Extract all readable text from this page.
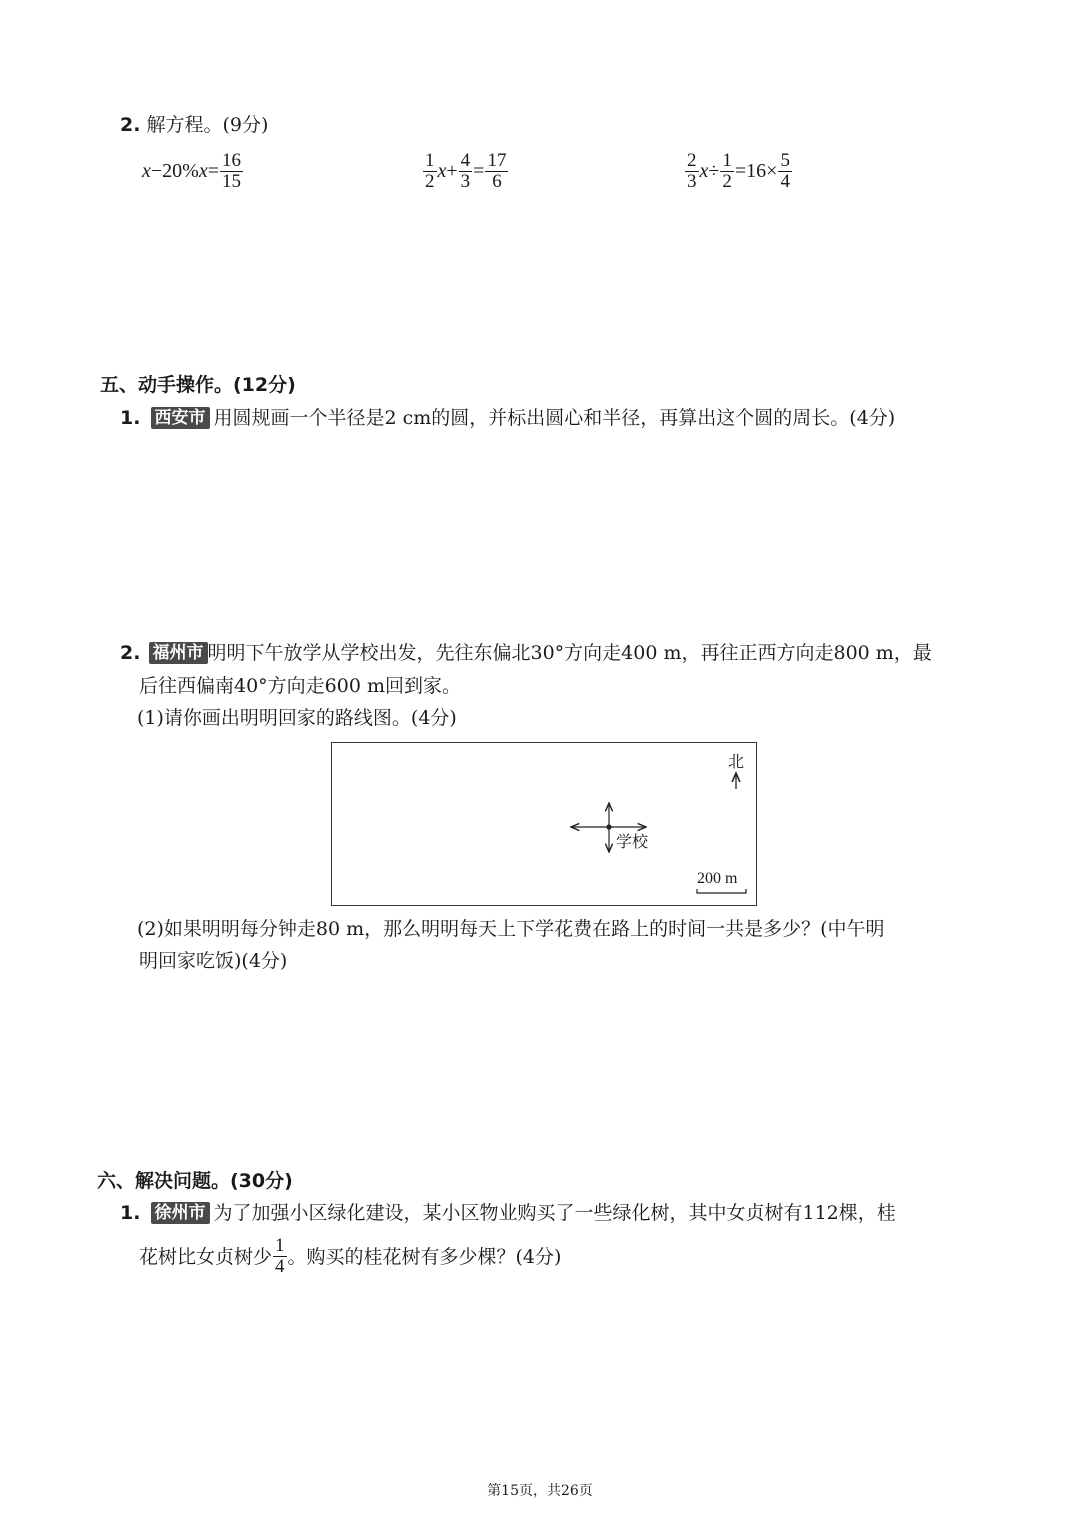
2. 解方程。(9分)
x −20% $x = \frac{16}{15}$	$\frac{1}{2}$ $x + \frac{4}{3} = \frac{17}{6}$	$\frac{2}{3}$ $x \div \frac{1}{2} =16\times \frac{5}{4}$
五、动手操作。(12分)
1. 西安市 用圆规画一个半径是2 cm的圆，并标出圆心和半径，再算出这个圆的周长。(4分)
2. 福州市 明明下午放学从学校出发，先往东偏北30°方向走400 m，再往正西方向走800 m，最
后往西偏南40°方向走600 m回到家。
(1)请你画出明明回家的路线图。(4分)
北
学校
200 m
(2)如果明明每分钟走80 m，那么明明每天上下学花费在路上的时间一共是多少？(中午明
明回家吃饭)(4分)
六、解决问题。(30分)
1. 徐州市 为了加强小区绿化建设，某小区物业购买了一些绿化树，其中女贞树有112棵，桂
花树比女贞树少 $\frac{1}{4}$ 。购买的桂花树有多少棵？(4分)
第15页，共26页
